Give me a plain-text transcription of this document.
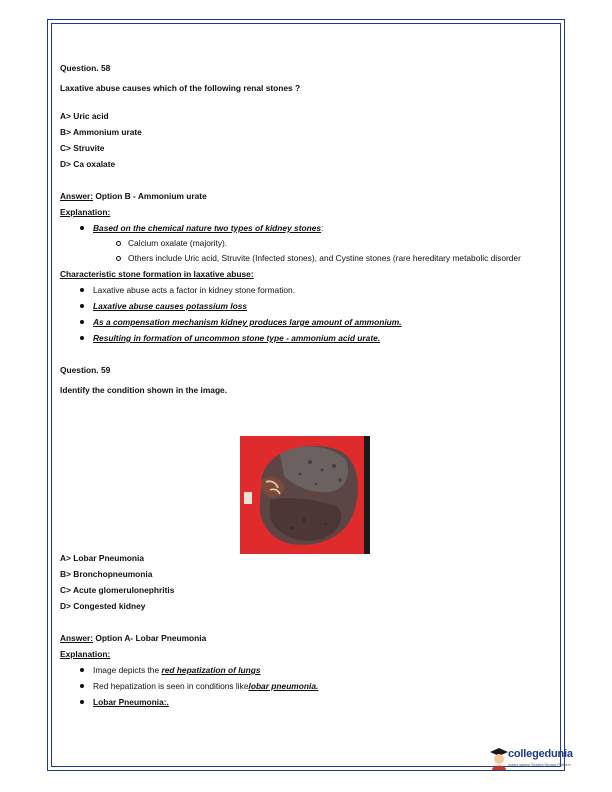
Question. 58

Laxative abuse causes which of the following renal stones ?

A> Uric acid

B> Ammonium urate

C> Struvite

D> Ca oxalate

Answer: Option B - Ammonium urate

Explanation:

Based on the chemical nature two types of kidney stones:
Calcium oxalate (majority).
Others include Uric acid, Struvite (Infected stones), and Cystine stones (rare hereditary metabolic disorder

Characteristic stone formation in laxative abuse:

Laxative abuse acts a factor in kidney stone formation.
Laxative abuse causes potassium loss
As a compensation mechanism kidney produces large amount of ammonium.
Resulting in formation of uncommon stone type - ammonium acid urate.

Question. 59

Identify the condition shown in the image.

A> Lobar Pneumonia

B> Bronchopneumonia

C> Acute glomerulonephritis

D> Congested kidney

Answer: Option A- Lobar Pneumonia

Explanation:

Image depicts the red hepatization of lungs
Red hepatization is seen in conditions likelobar pneumonia.
Lobar Pneumonia:.
collegedunia
India's largest Student Review Platform
